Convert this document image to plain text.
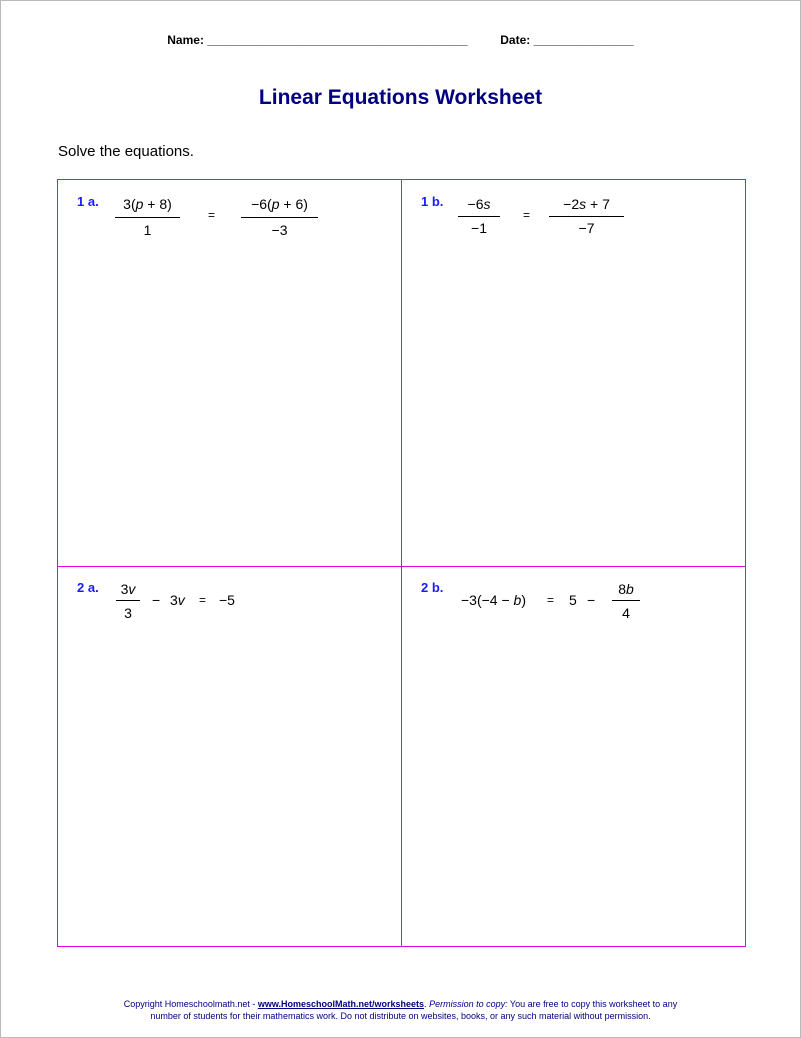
Name: _______________________________________	Date: _______________
Linear Equations Worksheet
Solve the equations.
1 a.	3(p + 8)
1
=
−6(p + 6)
−3
1 b.	−6s
−1
=
−2s + 7
−7
2 a.	3v
3
− 3v = −5
2 b.
−3(−4 − b) = 5 −
8b
4
Copyright Homeschoolmath.net - www.HomeschoolMath.net/worksheets. Permission to copy: You are free to copy this worksheet to any
number of students for their mathematics work. Do not distribute on websites, books, or any such material without permission.
